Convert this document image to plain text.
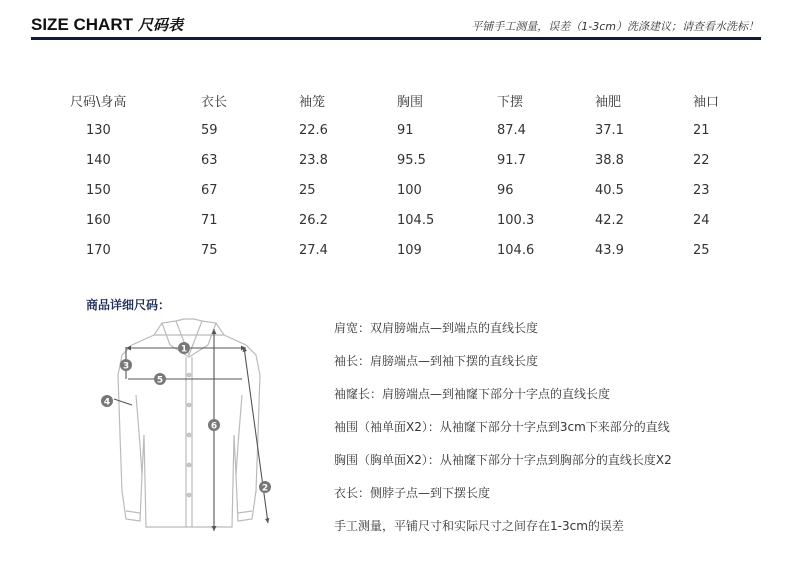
SIZE CHART 尺码表	平铺手工测量，误差（1-3cm）洗涤建议；请查看水洗标！
尺码\身高	衣长	袖笼	胸围	下摆	袖肥	袖口
130	59	22.6	91	87.4	37.1	21
140	63	23.8	95.5	91.7	38.8	22
150	67	25	100	96	40.5	23
160	71	26.2	104.5	100.3	42.2	24
170	75	27.4	109	104.6	43.9	25
商品详细尺码：
1
2
3
4
5
6
肩宽：双肩膀端点—到端点的直线长度
袖长：肩膀端点—到袖下摆的直线长度
袖窿长：肩膀端点—到袖窿下部分十字点的直线长度
袖围（袖单面X2）：从袖窿下部分十字点到3cm下来部分的直线
胸围（胸单面X2）：从袖窿下部分十字点到胸部分的直线长度X2
衣长：侧脖子点—到下摆长度
手工测量，平铺尺寸和实际尺寸之间存在1-3cm的误差
